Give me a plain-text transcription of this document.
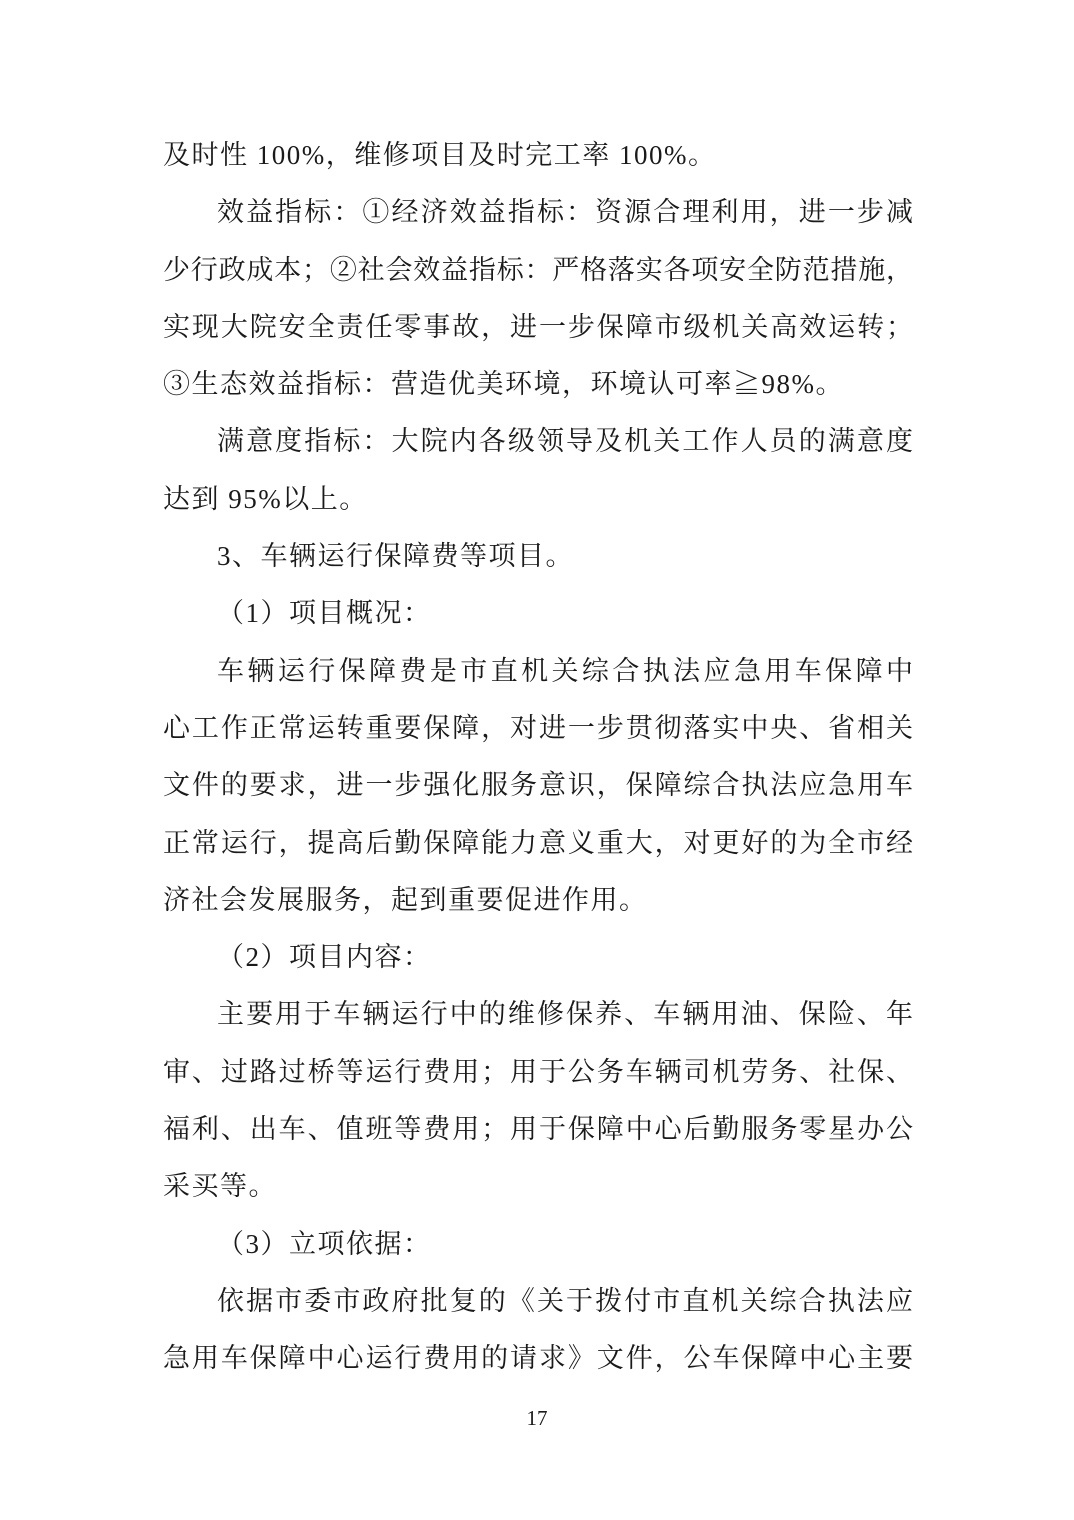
及时性 100%，维修项目及时完工率 100%。
效益指标：①经济效益指标：资源合理利用，进一步减
少行政成本；②社会效益指标：严格落实各项安全防范措施，
实现大院安全责任零事故，进一步保障市级机关高效运转；
③生态效益指标：营造优美环境，环境认可率≧98%。
满意度指标：大院内各级领导及机关工作人员的满意度
达到 95%以上。
3、车辆运行保障费等项目。
（1）项目概况：
车辆运行保障费是市直机关综合执法应急用车保障中
心工作正常运转重要保障，对进一步贯彻落实中央、省相关
文件的要求，进一步强化服务意识，保障综合执法应急用车
正常运行，提高后勤保障能力意义重大，对更好的为全市经
济社会发展服务，起到重要促进作用。
（2）项目内容：
主要用于车辆运行中的维修保养、车辆用油、保险、年
审、过路过桥等运行费用；用于公务车辆司机劳务、社保、
福利、出车、值班等费用；用于保障中心后勤服务零星办公
采买等。
（3）立项依据：
依据市委市政府批复的《关于拨付市直机关综合执法应
急用车保障中心运行费用的请求》文件，公车保障中心主要
17
